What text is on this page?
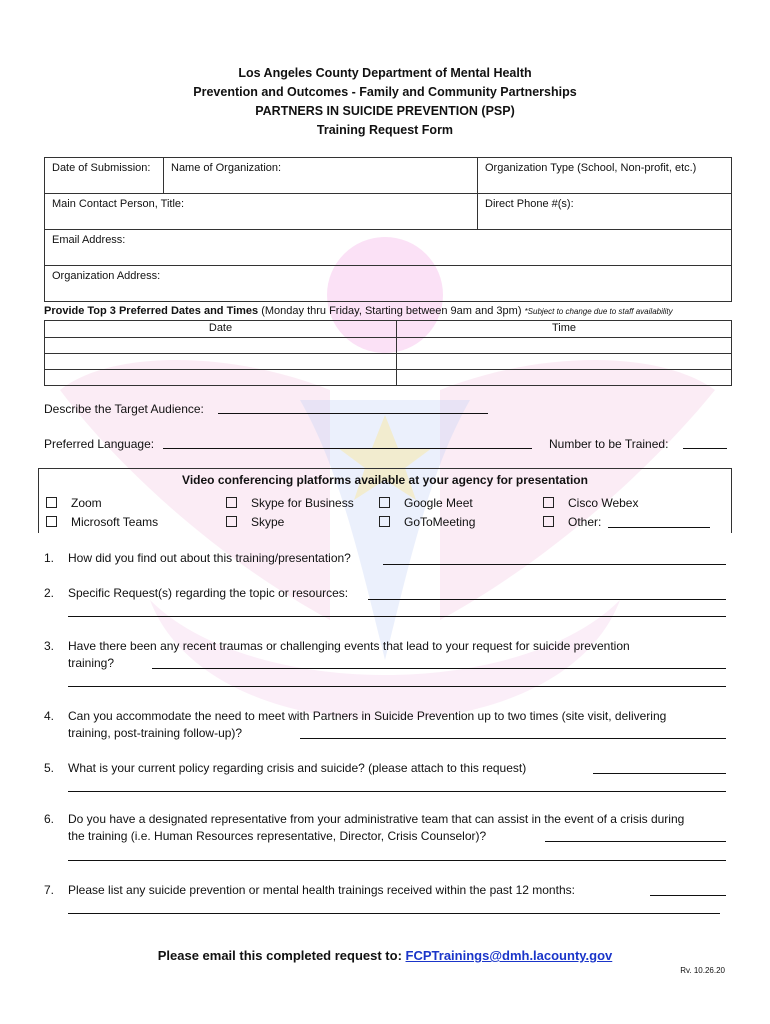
Los Angeles County Department of Mental Health
Prevention and Outcomes - Family and Community Partnerships
PARTNERS IN SUICIDE PREVENTION (PSP)
Training Request Form
Date of Submission:	Name of Organization:	Organization Type (School, Non-profit, etc.)
Main Contact Person, Title:		Direct Phone #(s):
Email Address:		
Organization Address:		
Provide Top 3 Preferred Dates and Times (Monday thru Friday, Starting between 9am and 3pm) *Subject to change due to staff availability
Date	Time

Describe the Target Audience:
Preferred Language:	Number to be Trained:
Video conferencing platforms available at your agency for presentation
Zoom	Skype for Business	Google Meet	Cisco Webex
Microsoft Teams	Skype	GoToMeeting	Other:
1. How did you find out about this training/presentation?
2. Specific Request(s) regarding the topic or resources:
3. Have there been any recent traumas or challenging events that lead to your request for suicide prevention
training?
4. Can you accommodate the need to meet with Partners in Suicide Prevention up to two times (site visit, delivering
training, post-training follow-up)?
5. What is your current policy regarding crisis and suicide? (please attach to this request)
6. Do you have a designated representative from your administrative team that can assist in the event of a crisis during
the training (i.e. Human Resources representative, Director, Crisis Counselor)?
7. Please list any suicide prevention or mental health trainings received within the past 12 months:
Please email this completed request to: FCPTrainings@dmh.lacounty.gov
Rv. 10.26.20
